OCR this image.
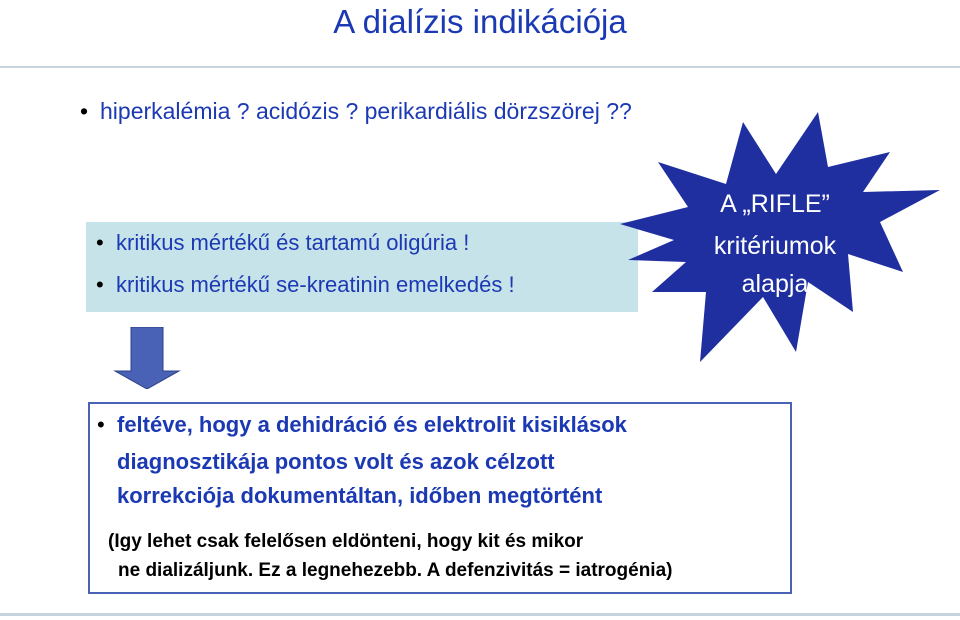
A dialízis indikációja
• hiperkalémia ? acidózis ? perikardiális dörzszörej ??
• kritikus mértékű és tartamú oligúria !
• kritikus mértékű se-kreatinin emelkedés !
A „RIFLE”
kritériumok
alapja
• feltéve, hogy a dehidráció és elektrolit kisiklások
diagnosztikája pontos volt és azok célzott
korrekciója dokumentáltan, időben megtörtént
(Igy lehet csak felelősen eldönteni, hogy kit és mikor
ne dializáljunk. Ez a legnehezebb. A defenzivitás = iatrogénia)
